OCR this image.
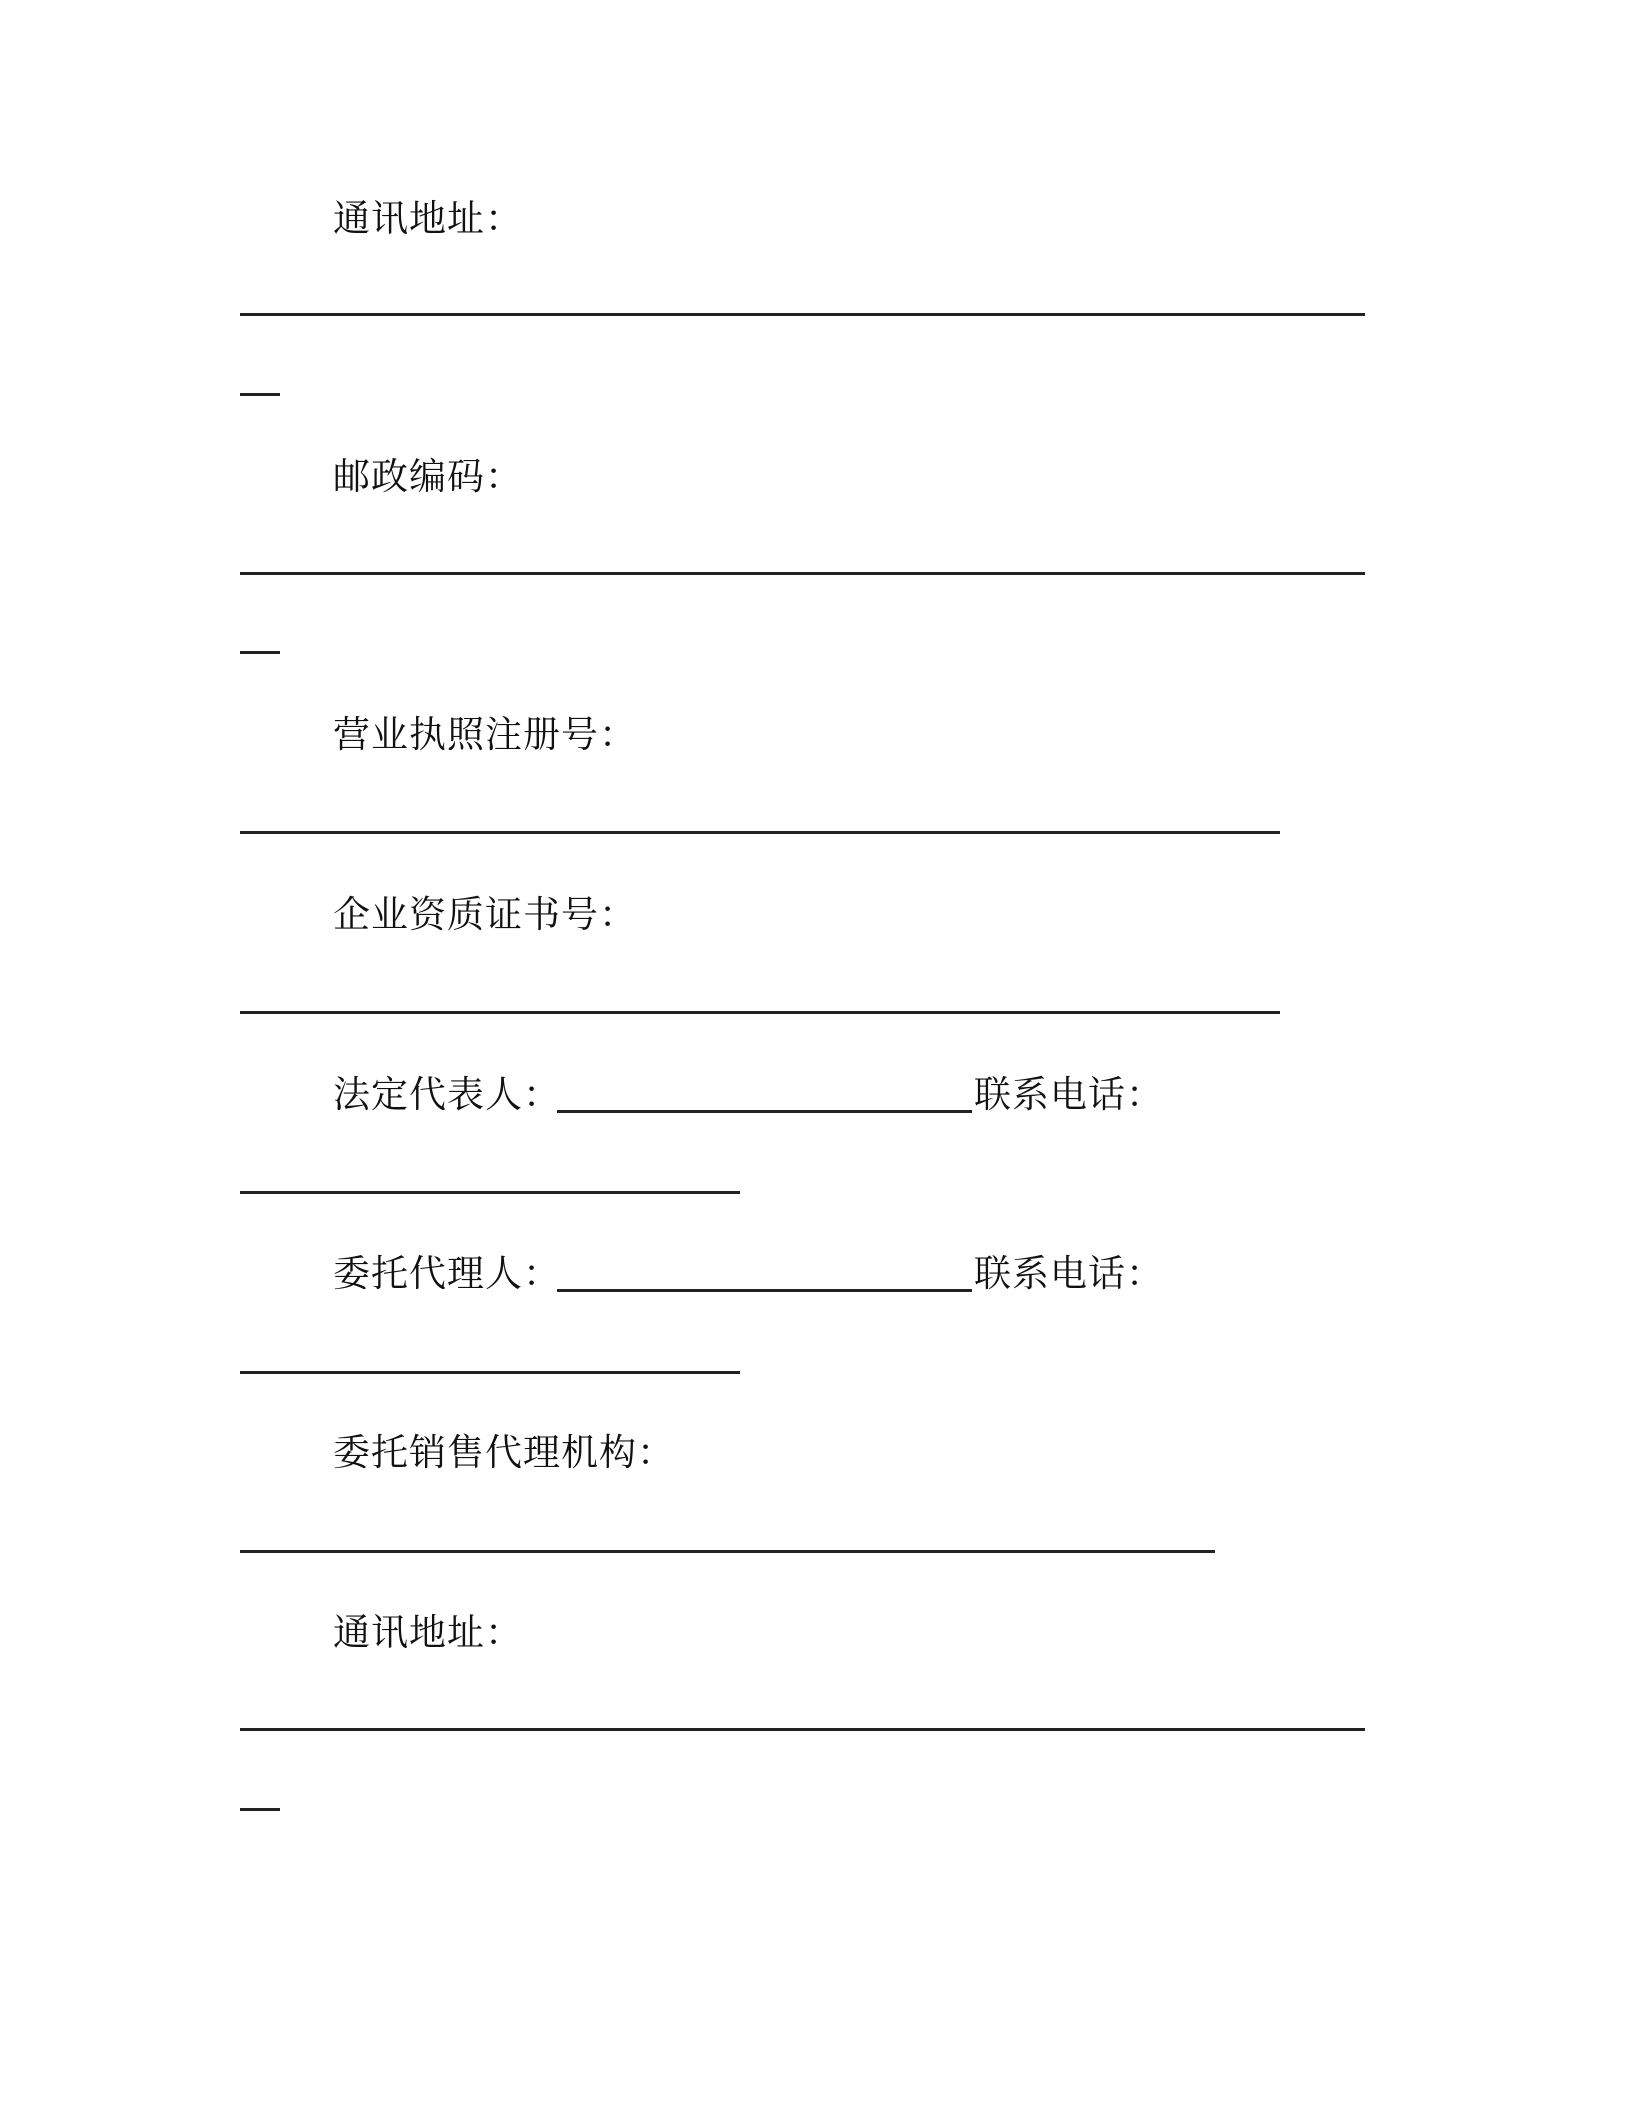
通讯地址：
邮政编码：
营业执照注册号：
企业资质证书号：
法定代表人：	联系电话：
委托代理人：	联系电话：
委托销售代理机构：
通讯地址：
